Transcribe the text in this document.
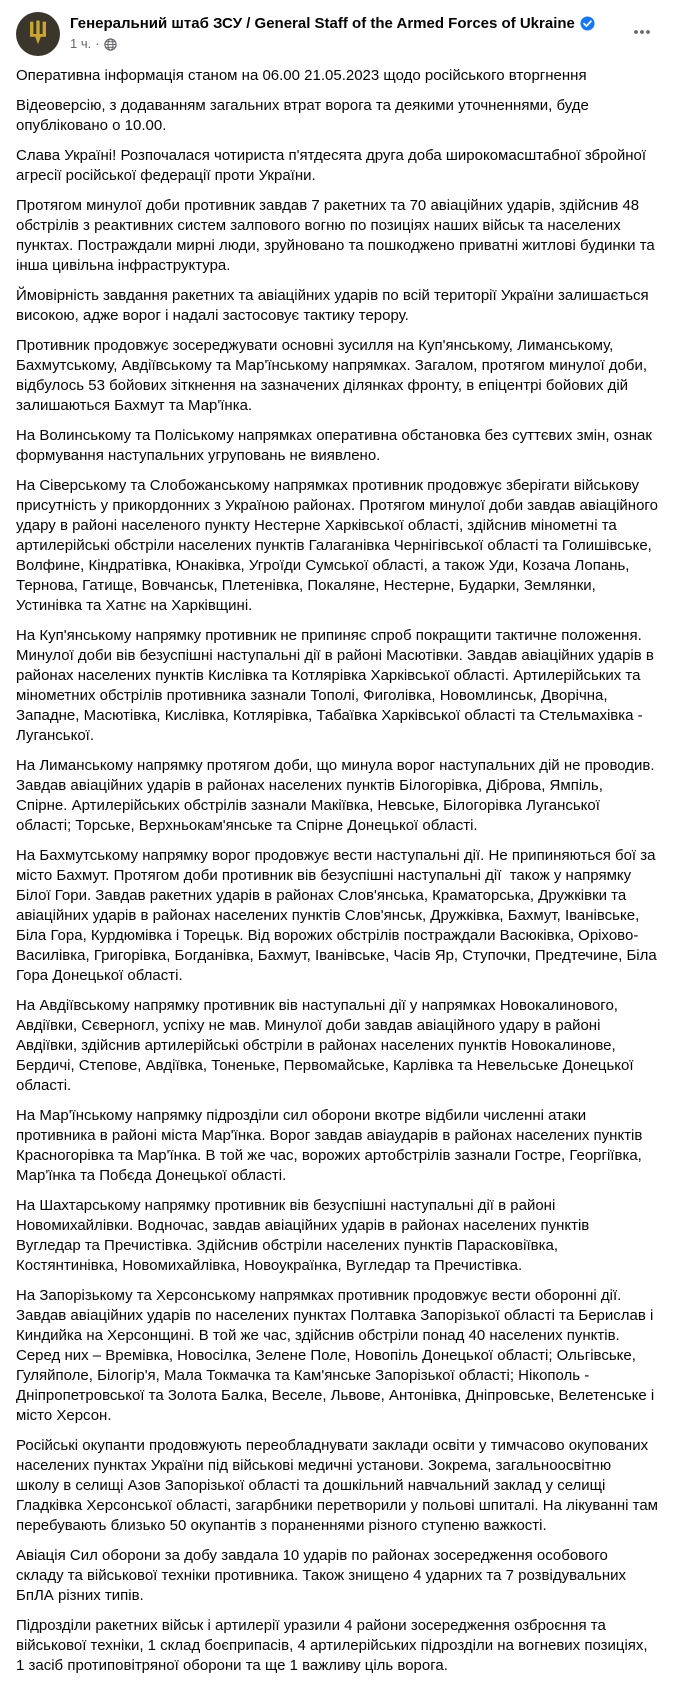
Генеральний штаб ЗСУ / General Staff of the Armed Forces of Ukraine
1 ч. ·

Оперативна інформація станом на 06.00 21.05.2023 щодо російського вторгнення

Відеоверсію, з додаванням загальних втрат ворога та деякими уточненнями, буде опубліковано о 10.00.

Слава Україні! Розпочалася чотириста п'ятдесята друга доба широкомасштабної збройної агресії російської федерації проти України.

Протягом минулої доби противник завдав 7 ракетних та 70 авіаційних ударів, здійснив 48 обстрілів з реактивних систем залпового вогню по позиціях наших військ та населених пунктах. Постраждали мирні люди, зруйновано та пошкоджено приватні житлові будинки та інша цивільна інфраструктура.

Ймовірність завдання ракетних та авіаційних ударів по всій території України залишається високою, адже ворог і надалі застосовує тактику терору.

Противник продовжує зосереджувати основні зусилля на Куп'янському, Лиманському, Бахмутському, Авдіївському та Мар'їнському напрямках. Загалом, протягом минулої доби, відбулось 53 бойових зіткнення на зазначених ділянках фронту, в епіцентрі бойових дій залишаються Бахмут та Мар'їнка.

На Волинському та Поліському напрямках оперативна обстановка без суттєвих змін, ознак формування наступальних угруповань не виявлено.

На Сіверському та Слобожанському напрямках противник продовжує зберігати військову присутність у прикордонних з Україною районах. Протягом минулої доби завдав авіаційного удару в районі населеного пункту Нестерне Харківської області, здійснив мінометні та артилерійські обстріли населених пунктів Галаганівка Чернігівської області та Голишівське, Волфине, Кіндратівка, Юнаківка, Угроїди Сумської області, а також Уди, Козача Лопань, Тернова, Гатище, Вовчанськ, Плетенівка, Покаляне, Нестерне, Бударки, Землянки, Устинівка та Хатнє на Харківщині.

На Куп'янському напрямку противник не припиняє спроб покращити тактичне положення. Минулої доби вів безуспішні наступальні дії в районі Масютівки. Завдав авіаційних ударів в районах населених пунктів Кислівка та Котлярівка Харківської області. Артилерійських та мінометних обстрілів противника зазнали Тополі, Фиголівка, Новомлинськ, Дворічна, Западне, Масютівка, Кислівка, Котлярівка, Табаївка Харківської області та Стельмахівка - Луганської.

На Лиманському напрямку протягом доби, що минула ворог наступальних дій не проводив. Завдав авіаційних ударів в районах населених пунктів Білогорівка, Діброва, Ямпіль, Спірне. Артилерійських обстрілів зазнали Макіївка, Невське, Білогорівка Луганської області; Торське, Верхньокам'янське та Спірне Донецької області.

На Бахмутському напрямку ворог продовжує вести наступальні дії. Не припиняються бої за місто Бахмут. Протягом доби противник вів безуспішні наступальні дії  також у напрямку Білої Гори. Завдав ракетних ударів в районах Слов'янська, Краматорська, Дружківки та авіаційних ударів в районах населених пунктів Слов'янськ, Дружківка, Бахмут, Іванівське, Біла Гора, Курдюмівка і Торецьк. Від ворожих обстрілів постраждали Васюківка, Оріхово-Василівка, Григорівка, Богданівка, Бахмут, Іванівське, Часів Яр, Ступочки, Предтечине, Біла Гора Донецької області.

На Авдіївському напрямку противник вів наступальні дії у напрямках Новокалинового, Авдіївки, Сєверногл, успіху не мав. Минулої доби завдав авіаційного удару в районі Авдіївки, здійснив артилерійські обстріли в районах населених пунктів Новокалинове, Бердичі, Степове, Авдіївка, Тоненьке, Первомайське, Карлівка та Невельське Донецької області.

На Мар'їнському напрямку підрозділи сил оборони вкотре відбили численні атаки противника в районі міста Мар'їнка. Ворог завдав авіаударів в районах населених пунктів Красногорівка та Мар'їнка. В той же час, ворожих артобстрілів зазнали Гостре, Георгіївка, Мар'їнка та Побєда Донецької області.

На Шахтарському напрямку противник вів безуспішні наступальні дії в районі Новомихайлівки. Водночас, завдав авіаційних ударів в районах населених пунктів Вугледар та Пречистівка. Здійснив обстріли населених пунктів Парасковіївка, Костянтинівка, Новомихайлівка, Новоукраїнка, Вугледар та Пречистівка.

На Запорізькому та Херсонському напрямках противник продовжує вести оборонні дії. Завдав авіаційних ударів по населених пунктах Полтавка Запорізької області та Берислав і Киндийка на Херсонщині. В той же час, здійснив обстріли понад 40 населених пунктів. Серед них – Времівка, Новосілка, Зелене Поле, Новопіль Донецької області; Ольгівське,  Гуляйполе, Білогір'я, Мала Токмачка та Кам'янське Запорізької області; Нікополь - Дніпропетровської та Золота Балка, Веселе, Львове, Антонівка, Дніпровське, Велетенське і місто Херсон.

Російські окупанти продовжують переобладнувати заклади освіти у тимчасово окупованих населених пунктах України під військові медичні установи. Зокрема, загальноосвітню школу в селищі Азов Запорізької області та дошкільний навчальний заклад у селищі Гладківка Херсонської області, загарбники перетворили у польові шпиталі. На лікуванні там перебувають близько 50 окупантів з пораненнями різного ступеню важкості.

Авіація Сил оборони за добу завдала 10 ударів по районах зосередження особового складу та військової техніки противника. Також знищено 4 ударних та 7 розвідувальних БпЛА різних типів.

Підрозділи ракетних військ і артилерії уразили 4 райони зосередження озброєння та військової техніки, 1 склад боєприпасів, 4 артилерійських підрозділи на вогневих позиціях, 1 засіб протиповітряної оборони та ще 1 важливу ціль ворога.
